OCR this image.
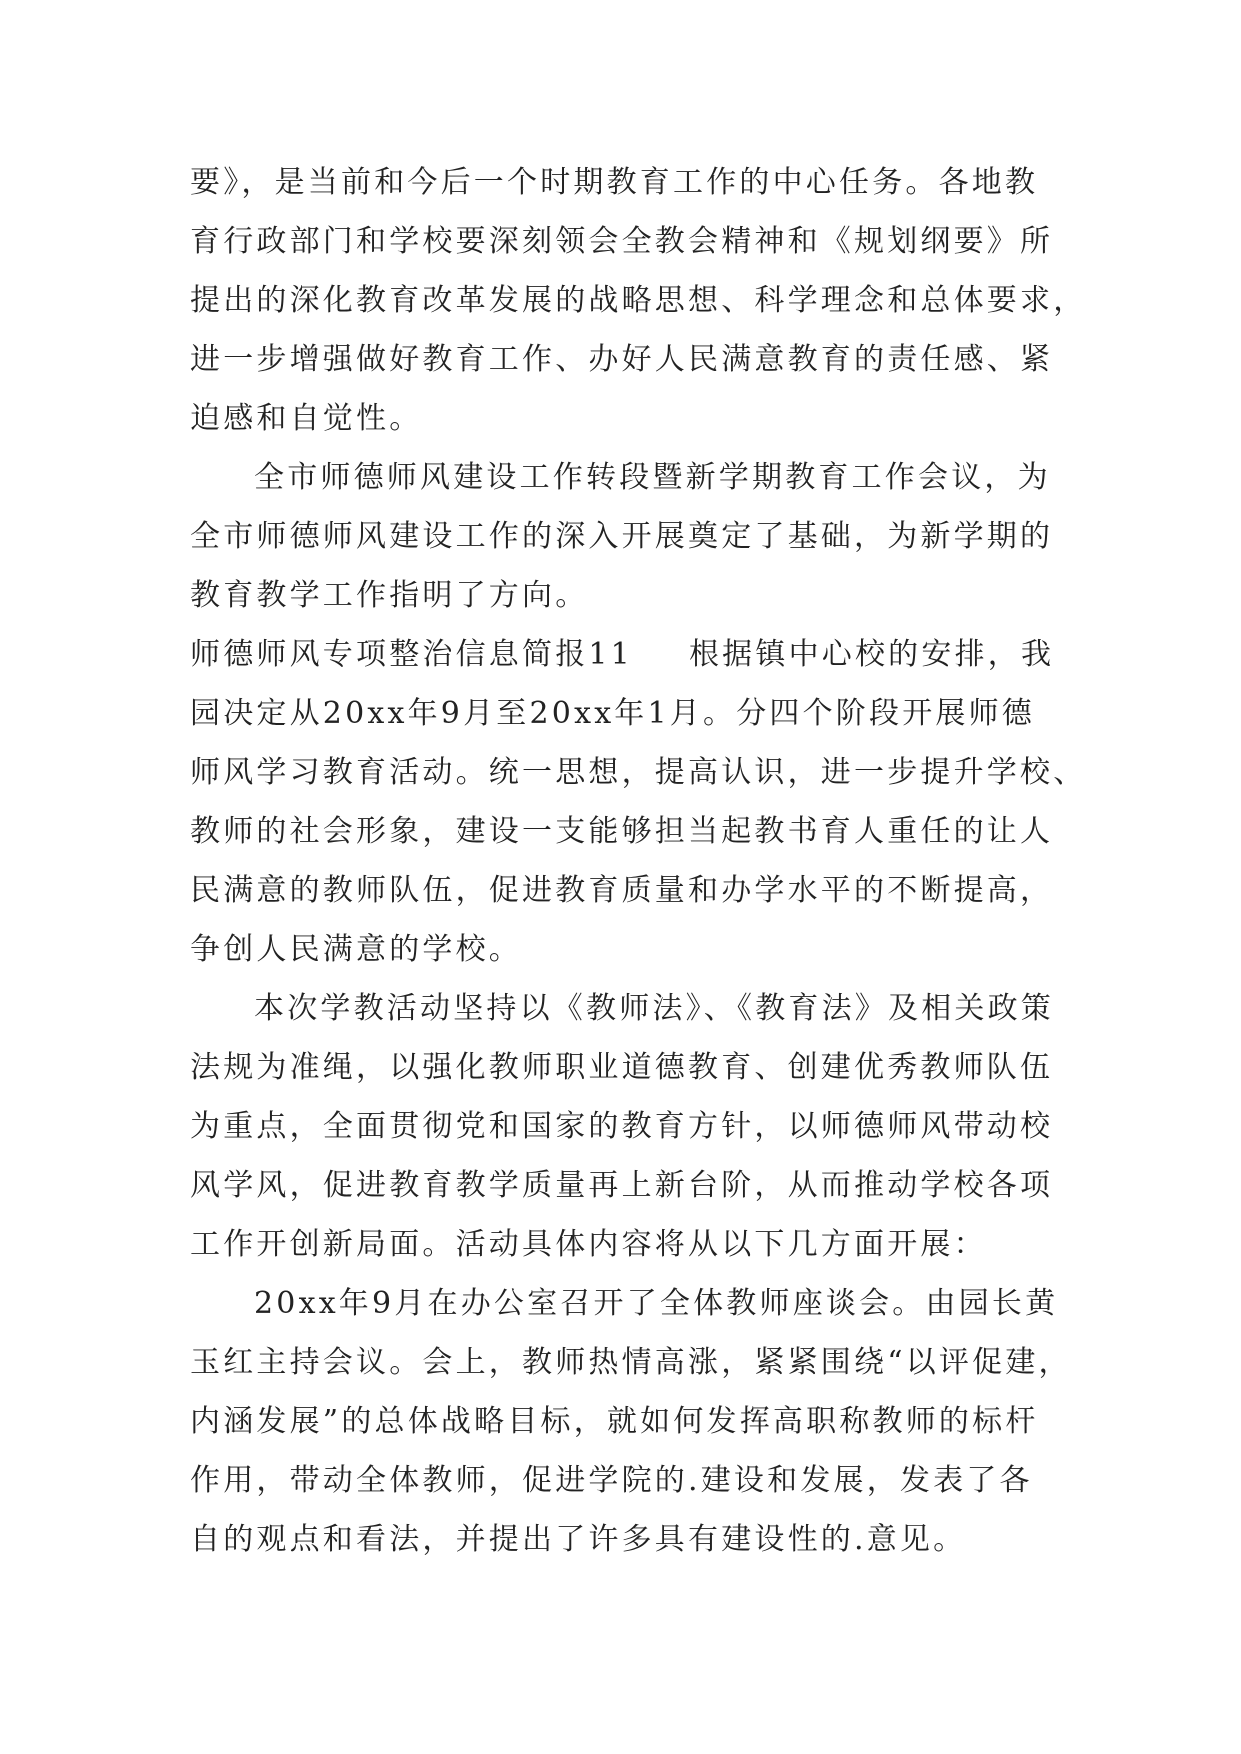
要》，是当前和今后一个时期教育工作的中心任务。各地教
育行政部门和学校要深刻领会全教会精神和《规划纲要》所
提出的深化教育改革发展的战略思想、科学理念和总体要求，
进一步增强做好教育工作、办好人民满意教育的责任感、紧
迫感和自觉性。
全市师德师风建设工作转段暨新学期教育工作会议，为
全市师德师风建设工作的深入开展奠定了基础，为新学期的
教育教学工作指明了方向。
师德师风专项整治信息简报11 根据镇中心校的安排，我
园决定从20xx年9月至20xx年1月。分四个阶段开展师德
师风学习教育活动。统一思想，提高认识，进一步提升学校、
教师的社会形象，建设一支能够担当起教书育人重任的让人
民满意的教师队伍，促进教育质量和办学水平的不断提高，
争创人民满意的学校。
本次学教活动坚持以《教师法》、《教育法》及相关政策
法规为准绳，以强化教师职业道德教育、创建优秀教师队伍
为重点，全面贯彻党和国家的教育方针，以师德师风带动校
风学风，促进教育教学质量再上新台阶，从而推动学校各项
工作开创新局面。活动具体内容将从以下几方面开展：
20xx年9月在办公室召开了全体教师座谈会。由园长黄
玉红主持会议。会上，教师热情高涨，紧紧围绕“以评促建，
内涵发展”的总体战略目标，就如何发挥高职称教师的标杆
作用，带动全体教师，促进学院的.建设和发展，发表了各
自的观点和看法，并提出了许多具有建设性的.意见。
